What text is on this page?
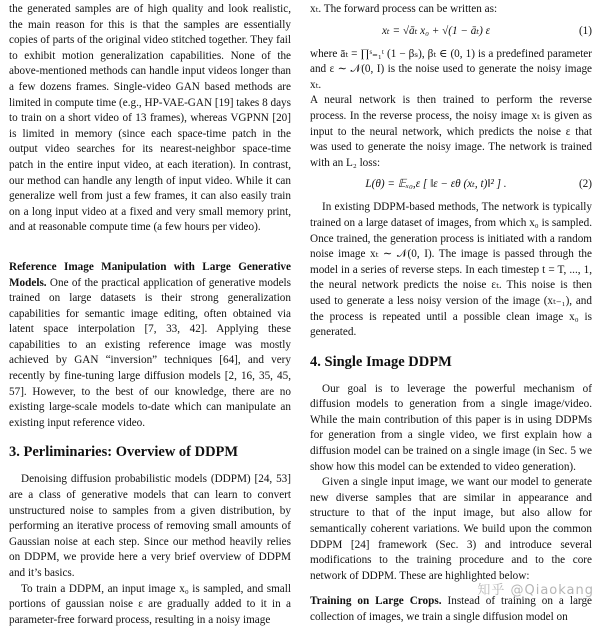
the generated samples are of high quality and look realistic, the main reason for this is that the samples are essentially copies of parts of the original video stitched together. They fail to exhibit motion generalization capabilities. None of the above-mentioned methods can handle input videos longer than a few dozens frames. Single-video GAN based methods are limited in compute time (e.g., HP-VAE-GAN [19] takes 8 days to train on a short video of 13 frames), whereas VGPNN [20] is limited in memory (since each space-time patch in the output video searches for its nearest-neighbor space-time patch in the entire input video, at each iteration). In contrast, our method can handle any length of input video. While it can generalize well from just a few frames, it can also easily train on a long input video at a fixed and very small memory print, and at reasonable compute time (a few hours per video).

Reference Image Manipulation with Large Generative Models. One of the practical application of generative models trained on large datasets is their strong generalization capabilities for semantic image editing, often obtained via latent space interpolation [7, 33, 42]. Applying these capabilities to an existing reference image was mostly achieved by GAN “inversion” techniques [64], and very recently by fine-tuning large diffusion models [2, 16, 35, 45, 57]. However, to the best of our knowledge, there are no existing large-scale models to-date which can manipulate an existing input reference video.

3. Perliminaries: Overview of DDPM

Denoising diffusion probabilistic models (DDPM) [24, 53] are a class of generative models that can learn to convert unstructured noise to samples from a given distribution, by performing an iterative process of removing small amounts of Gaussian noise at each step. Since our method heavily relies on DDPM, we provide here a very brief overview of DDPM and it’s basics.

To train a DDPM, an input image x₀ is sampled, and small portions of gaussian noise ε are gradually added to it in a parameter-free forward process, resulting in a noisy image

xₜ. The forward process can be written as:

xₜ = √āₜ x₀ + √(1 − āₜ) ε	(1)

where āₜ = ∏ˢ₌₁ᵗ (1 − βₛ), βₜ ∈ (0, 1) is a predefined parameter and ε ∼ 𝒩(0, I) is the noise used to generate the noisy image xₜ.

A neural network is then trained to perform the reverse process. In the reverse process, the noisy image xₜ is given as input to the neural network, which predicts the noise ε that was used to generate the noisy image. The network is trained with an L₂ loss:

L(θ) = 𝔼ₓ₀,ε [ ‖ε − εθ (xₜ, t)‖² ] .	(2)

In existing DDPM-based methods, The network is typically trained on a large dataset of images, from which x₀ is sampled. Once trained, the generation process is initiated with a random noise image xₜ ∼ 𝒩(0, I). The image is passed through the model in a series of reverse steps. In each timestep t = T, ..., 1, the neural network predicts the noise εₜ. This noise is then used to generate a less noisy version of the image (xₜ₋₁), and the process is repeated until a possible clean image x₀ is generated.

4. Single Image DDPM

Our goal is to leverage the powerful mechanism of diffusion models to generation from a single image/video. While the main contribution of this paper is in using DDPMs for generation from a single video, we first explain how a diffusion model can be trained on a single image (in Sec. 5 we show how this model can be extended to video generation).

Given a single input image, we want our model to generate new diverse samples that are similar in appearance and structure to that of the input image, but also allow for semantically coherent variations. We build upon the common DDPM [24] framework (Sec. 3) and introduce several modifications to the training procedure and to the core network of DDPM. These are highlighted below:

Training on Large Crops. Instead of training on a large collection of images, we train a single diffusion model on

知乎 @Qiaokang
